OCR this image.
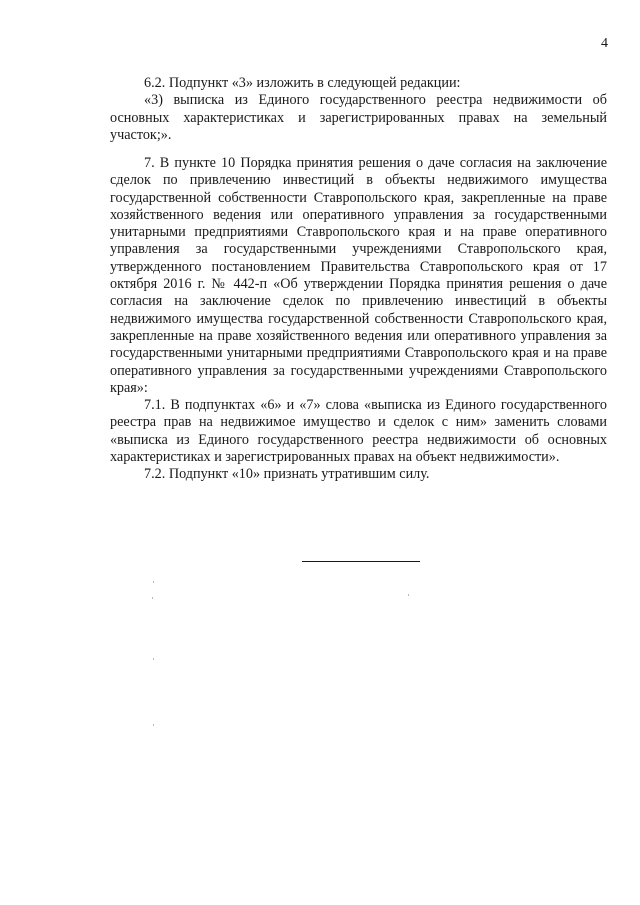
4

6.2. Подпункт «3» изложить в следующей редакции:

«3) выписка из Единого государственного реестра недвижимости об основных характеристиках и зарегистрированных правах на земельный участок;».

7. В пункте 10 Порядка принятия решения о даче согласия на заключение сделок по привлечению инвестиций в объекты недвижимого имущества государственной собственности Ставропольского края, закрепленные на праве хозяйственного ведения или оперативного управления за государственными унитарными предприятиями Ставропольского края и на праве оперативного управления за государственными учреждениями Ставропольского края, утвержденного постановлением Правительства Ставропольского края от 17 октября 2016 г. № 442-п «Об утверждении Порядка принятия решения о даче согласия на заключение сделок по привлечению инвестиций в объекты недвижимого имущества государственной собственности Ставропольского края, закрепленные на праве хозяйственного ведения или оперативного управления за государственными унитарными предприятиями Ставропольского края и на праве оперативного управления за государственными учреждениями Ставропольского края»:

7.1. В подпунктах «6» и «7» слова «выписка из Единого государственного реестра прав на недвижимое имущество и сделок с ним» заменить словами «выписка из Единого государственного реестра недвижимости об основных характеристиках и зарегистрированных правах на объект недвижимости».

7.2. Подпункт «10» признать утратившим силу.
